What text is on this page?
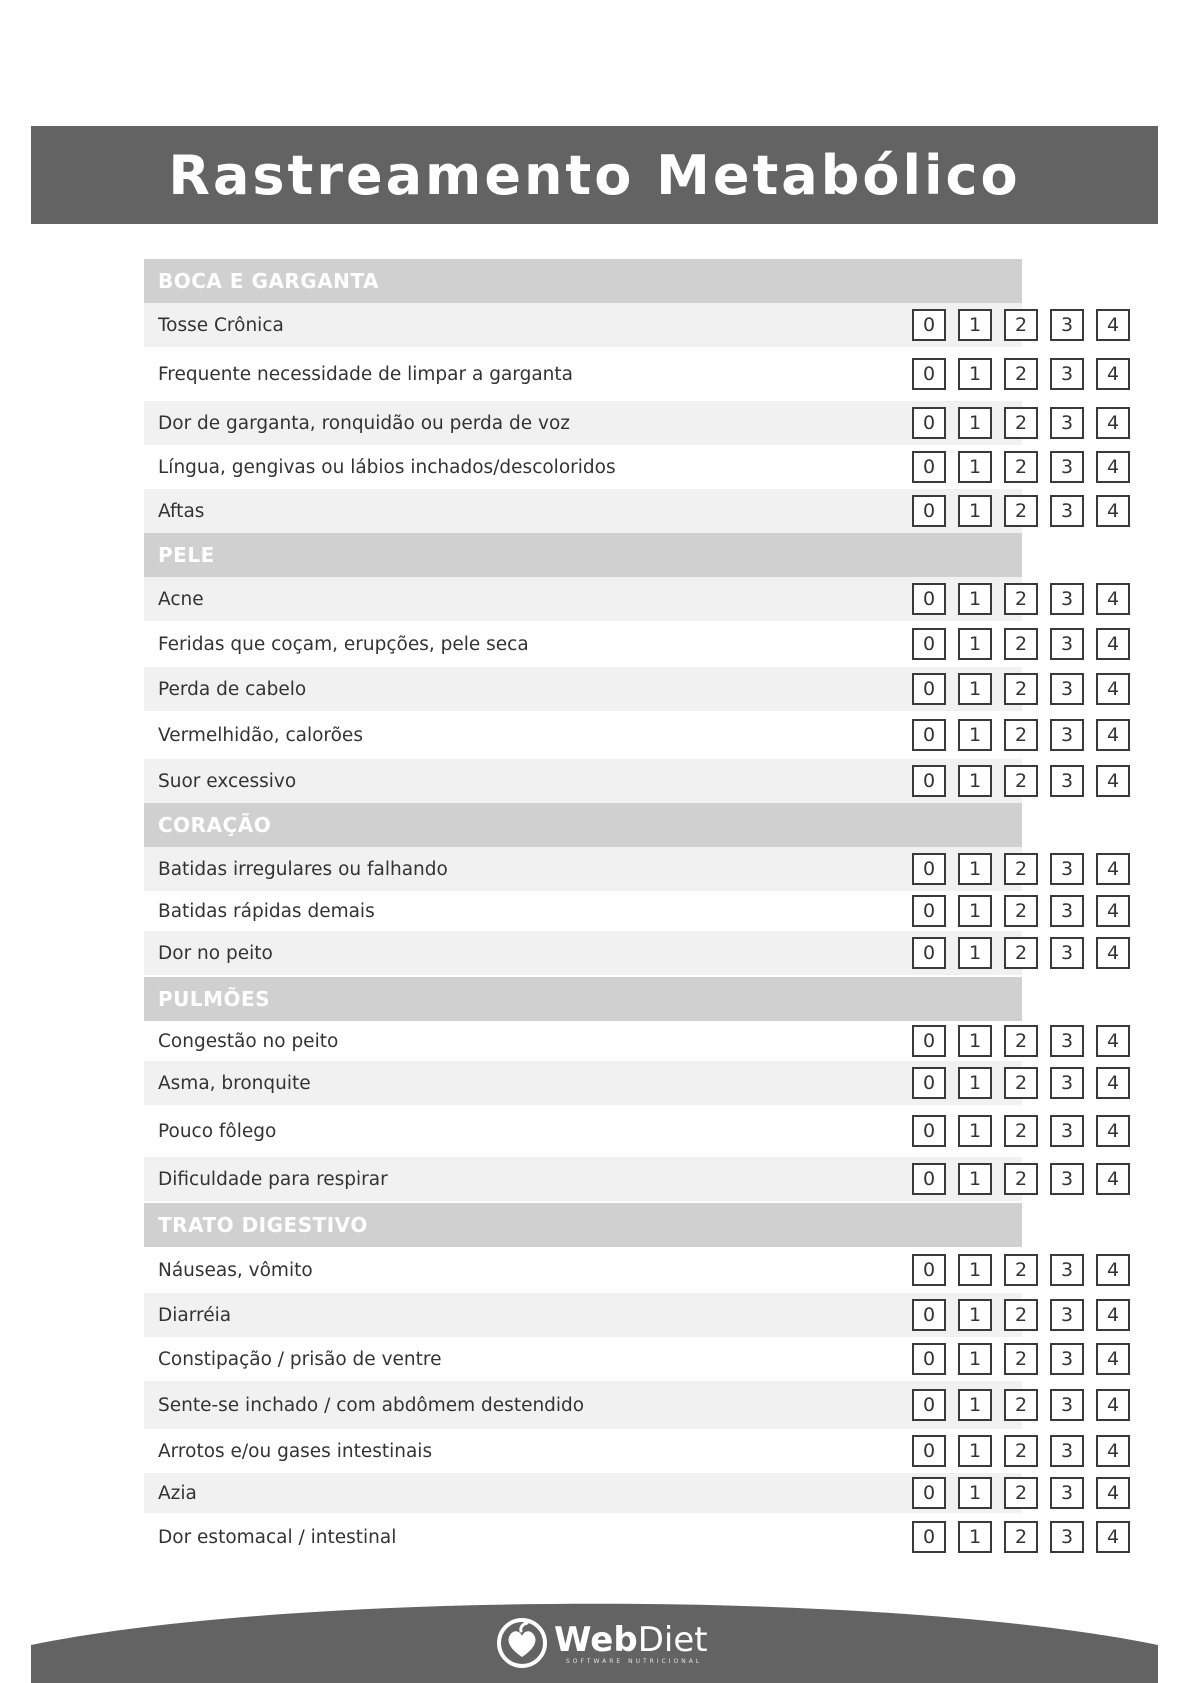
Rastreamento Metabólico
BOCA E GARGANTA
Tosse Crônica	0	1	2	3	4
Frequente necessidade de limpar a garganta	0	1	2	3	4
Dor de garganta, ronquidão ou perda de voz	0	1	2	3	4
Língua, gengivas ou lábios inchados/descoloridos	0	1	2	3	4
Aftas	0	1	2	3	4
PELE
Acne	0	1	2	3	4
Feridas que coçam, erupções, pele seca	0	1	2	3	4
Perda de cabelo	0	1	2	3	4
Vermelhidão, calorões	0	1	2	3	4
Suor excessivo	0	1	2	3	4
CORAÇÃO
Batidas irregulares ou falhando	0	1	2	3	4
Batidas rápidas demais	0	1	2	3	4
Dor no peito	0	1	2	3	4
PULMÕES
Congestão no peito	0	1	2	3	4
Asma, bronquite	0	1	2	3	4
Pouco fôlego	0	1	2	3	4
Dificuldade para respirar	0	1	2	3	4
TRATO DIGESTIVO
Náuseas, vômito	0	1	2	3	4
Diarréia	0	1	2	3	4
Constipação / prisão de ventre	0	1	2	3	4
Sente-se inchado / com abdômem destendido	0	1	2	3	4
Arrotos e/ou gases intestinais	0	1	2	3	4
Azia	0	1	2	3	4
Dor estomacal / intestinal	0	1	2	3	4
WebDiet
SOFTWARE NUTRICIONAL
